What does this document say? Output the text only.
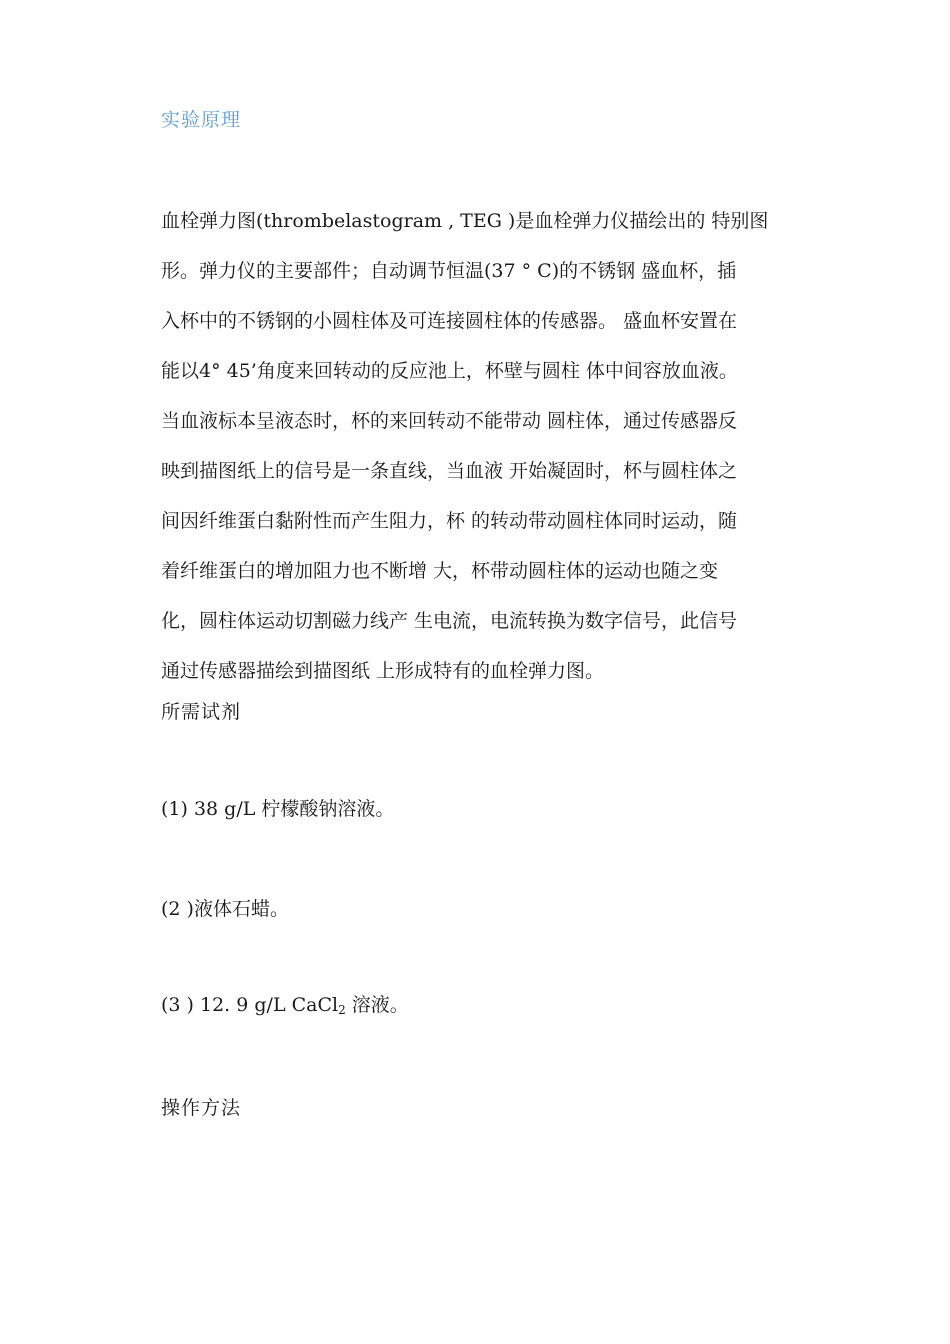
实验原理
血栓弹力图(thrombelastogram , TEG )是血栓弹力仪描绘出的 特别图
形。弹力仪的主要部件；自动调节恒温(37 ° C)的不锈钢 盛血杯，插
入杯中的不锈钢的小圆柱体及可连接圆柱体的传感器。 盛血杯安置在
能以4° 45’角度来回转动的反应池上，杯壁与圆柱 体中间容放血液。
当血液标本呈液态时，杯的来回转动不能带动 圆柱体，通过传感器反
映到描图纸上的信号是一条直线，当血液 开始凝固时，杯与圆柱体之
间因纤维蛋白黏附性而产生阻力，杯 的转动带动圆柱体同时运动，随
着纤维蛋白的增加阻力也不断增 大，杯带动圆柱体的运动也随之变
化，圆柱体运动切割磁力线产 生电流，电流转换为数字信号，此信号
通过传感器描绘到描图纸 上形成特有的血栓弹力图。
所需试剂
(1) 38 g/L 柠檬酸钠溶液。
(2 )液体石蜡。
(3 ) 12. 9 g/L CaCl$_2$ 溶液。
操作方法
